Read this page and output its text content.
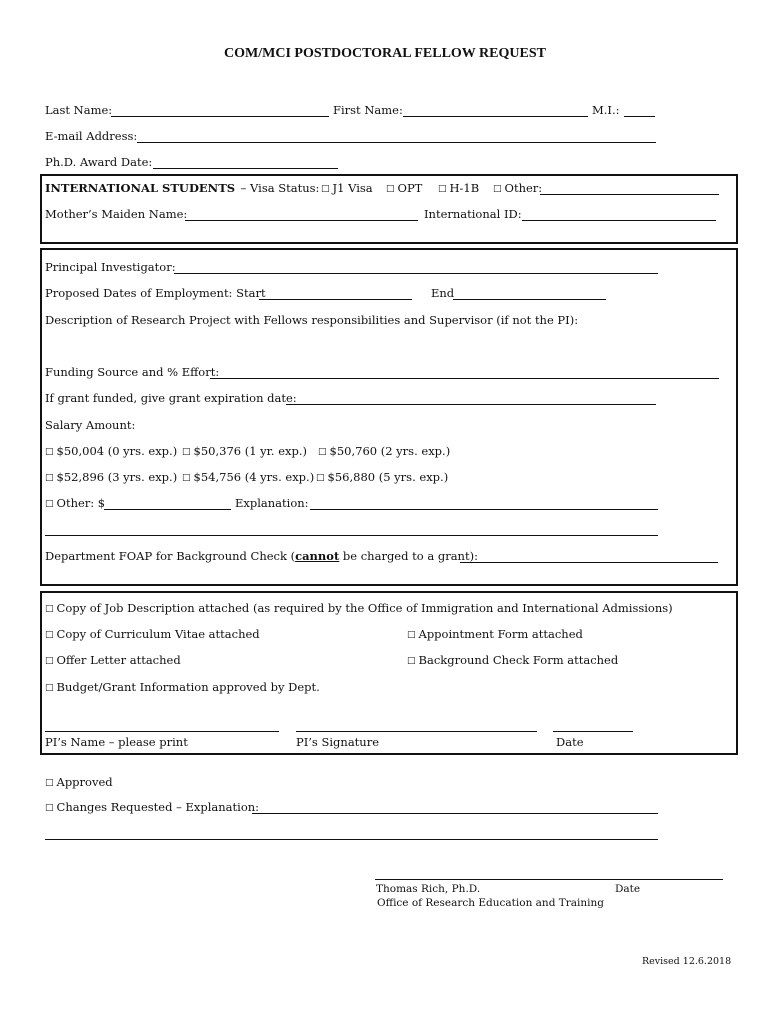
COM/MCI POSTDOCTORAL FELLOW REQUEST
Last Name:	First Name:	M.I.:
E-mail Address:
Ph.D. Award Date:
INTERNATIONAL STUDENTS – Visa Status: □ J1 Visa □ OPT □ H-1B □ Other:
Mother’s Maiden Name:	International ID:
Principal Investigator:
Proposed Dates of Employment: Start	End
Description of Research Project with Fellows responsibilities and Supervisor (if not the PI):
Funding Source and % Effort:
If grant funded, give grant expiration date:
Salary Amount:
□ $50,004 (0 yrs. exp.) □ $50,376 (1 yr. exp.) □ $50,760 (2 yrs. exp.)
□ $52,896 (3 yrs. exp.) □ $54,756 (4 yrs. exp.) □ $56,880 (5 yrs. exp.)
□ Other: $	Explanation:
Department FOAP for Background Check (cannot be charged to a grant):
□ Copy of Job Description attached (as required by the Office of Immigration and International Admissions)
□ Copy of Curriculum Vitae attached	□ Appointment Form attached
□ Offer Letter attached	□ Background Check Form attached
□ Budget/Grant Information approved by Dept.
PI’s Name – please print	PI’s Signature	Date
□ Approved
□ Changes Requested – Explanation:
Thomas Rich, Ph.D.	Date
Office of Research Education and Training
Revised 12.6.2018
